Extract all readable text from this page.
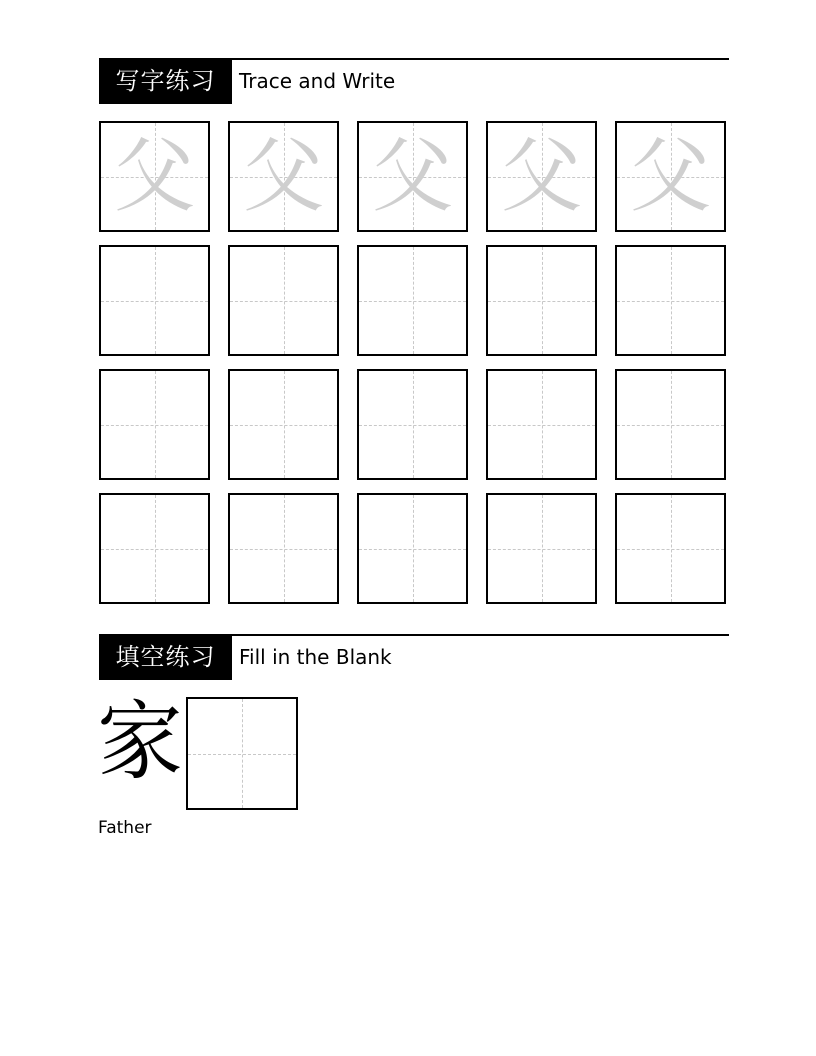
写字练习	Trace and Write
父 父 父 父 父
填空练习	Fill in the Blank
家
Father
